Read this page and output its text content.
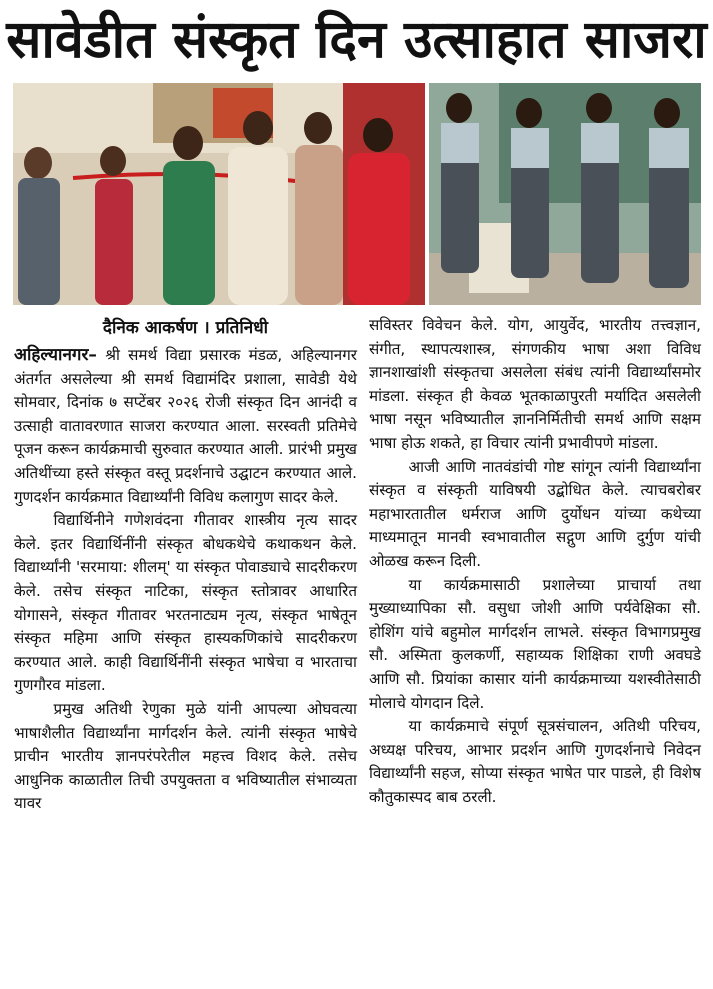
सावेडीत संस्कृत दिन उत्साहात साजरा
दैनिक आकर्षण । प्रतिनिधी

अहिल्यानगर– श्री समर्थ विद्या प्रसारक मंडळ, अहिल्यानगर अंतर्गत असलेल्या श्री समर्थ विद्यामंदिर प्रशाला, सावेडी येथे सोमवार, दिनांक ७ सप्टेंबर २०२६ रोजी संस्कृत दिन आनंदी व उत्साही वातावरणात साजरा करण्यात आला. सरस्वती प्रतिमेचे पूजन करून कार्यक्रमाची सुरुवात करण्यात आली. प्रारंभी प्रमुख अतिथींच्या हस्ते संस्कृत वस्तू प्रदर्शनाचे उद्घाटन करण्यात आले. गुणदर्शन कार्यक्रमात विद्यार्थ्यांनी विविध कलागुण सादर केले.

विद्यार्थिनीने गणेशवंदना गीतावर शास्त्रीय नृत्य सादर केले. इतर विद्यार्थिनींनी संस्कृत बोधकथेचे कथाकथन केले. विद्यार्थ्यांनी 'सरमाया: शीलम्' या संस्कृत पोवाड्याचे सादरीकरण केले. तसेच संस्कृत नाटिका, संस्कृत स्तोत्रावर आधारित योगासने, संस्कृत गीतावर भरतनाट्यम नृत्य, संस्कृत भाषेतून संस्कृत महिमा आणि संस्कृत हास्यकणिकांचे सादरीकरण करण्यात आले. काही विद्यार्थिनींनी संस्कृत भाषेचा व भारताचा गुणगौरव मांडला.

प्रमुख अतिथी रेणुका मुळे यांनी आपल्या ओघवत्या भाषाशैलीत विद्यार्थ्यांना मार्गदर्शन केले. त्यांनी संस्कृत भाषेचे प्राचीन भारतीय ज्ञानपरंपरेतील महत्त्व विशद केले. तसेच आधुनिक काळातील तिची उपयुक्तता व भविष्यातील संभाव्यता यावर

सविस्तर विवेचन केले. योग, आयुर्वेद, भारतीय तत्त्वज्ञान, संगीत, स्थापत्यशास्त्र, संगणकीय भाषा अशा विविध ज्ञानशाखांशी संस्कृतचा असलेला संबंध त्यांनी विद्यार्थ्यांसमोर मांडला. संस्कृत ही केवळ भूतकाळापुरती मर्यादित असलेली भाषा नसून भविष्यातील ज्ञाननिर्मितीची समर्थ आणि सक्षम भाषा होऊ शकते, हा विचार त्यांनी प्रभावीपणे मांडला.

आजी आणि नातवंडांची गोष्ट सांगून त्यांनी विद्यार्थ्यांना संस्कृत व संस्कृती याविषयी उद्बोधित केले. त्याचबरोबर महाभारतातील धर्मराज आणि दुर्योधन यांच्या कथेच्या माध्यमातून मानवी स्वभावातील सद्गुण आणि दुर्गुण यांची ओळख करून दिली.

या कार्यक्रमासाठी प्रशालेच्या प्राचार्या तथा मुख्याध्यापिका सौ. वसुधा जोशी आणि पर्यवेक्षिका सौ. होशिंग यांचे बहुमोल मार्गदर्शन लाभले. संस्कृत विभागप्रमुख सौ. अस्मिता कुलकर्णी, सहाय्यक शिक्षिका राणी अवघडे आणि सौ. प्रियांका कासार यांनी कार्यक्रमाच्या यशस्वीतेसाठी मोलाचे योगदान दिले.

या कार्यक्रमाचे संपूर्ण सूत्रसंचालन, अतिथी परिचय, अध्यक्ष परिचय, आभार प्रदर्शन आणि गुणदर्शनाचे निवेदन विद्यार्थ्यांनी सहज, सोप्या संस्कृत भाषेत पार पाडले, ही विशेष कौतुकास्पद बाब ठरली.
